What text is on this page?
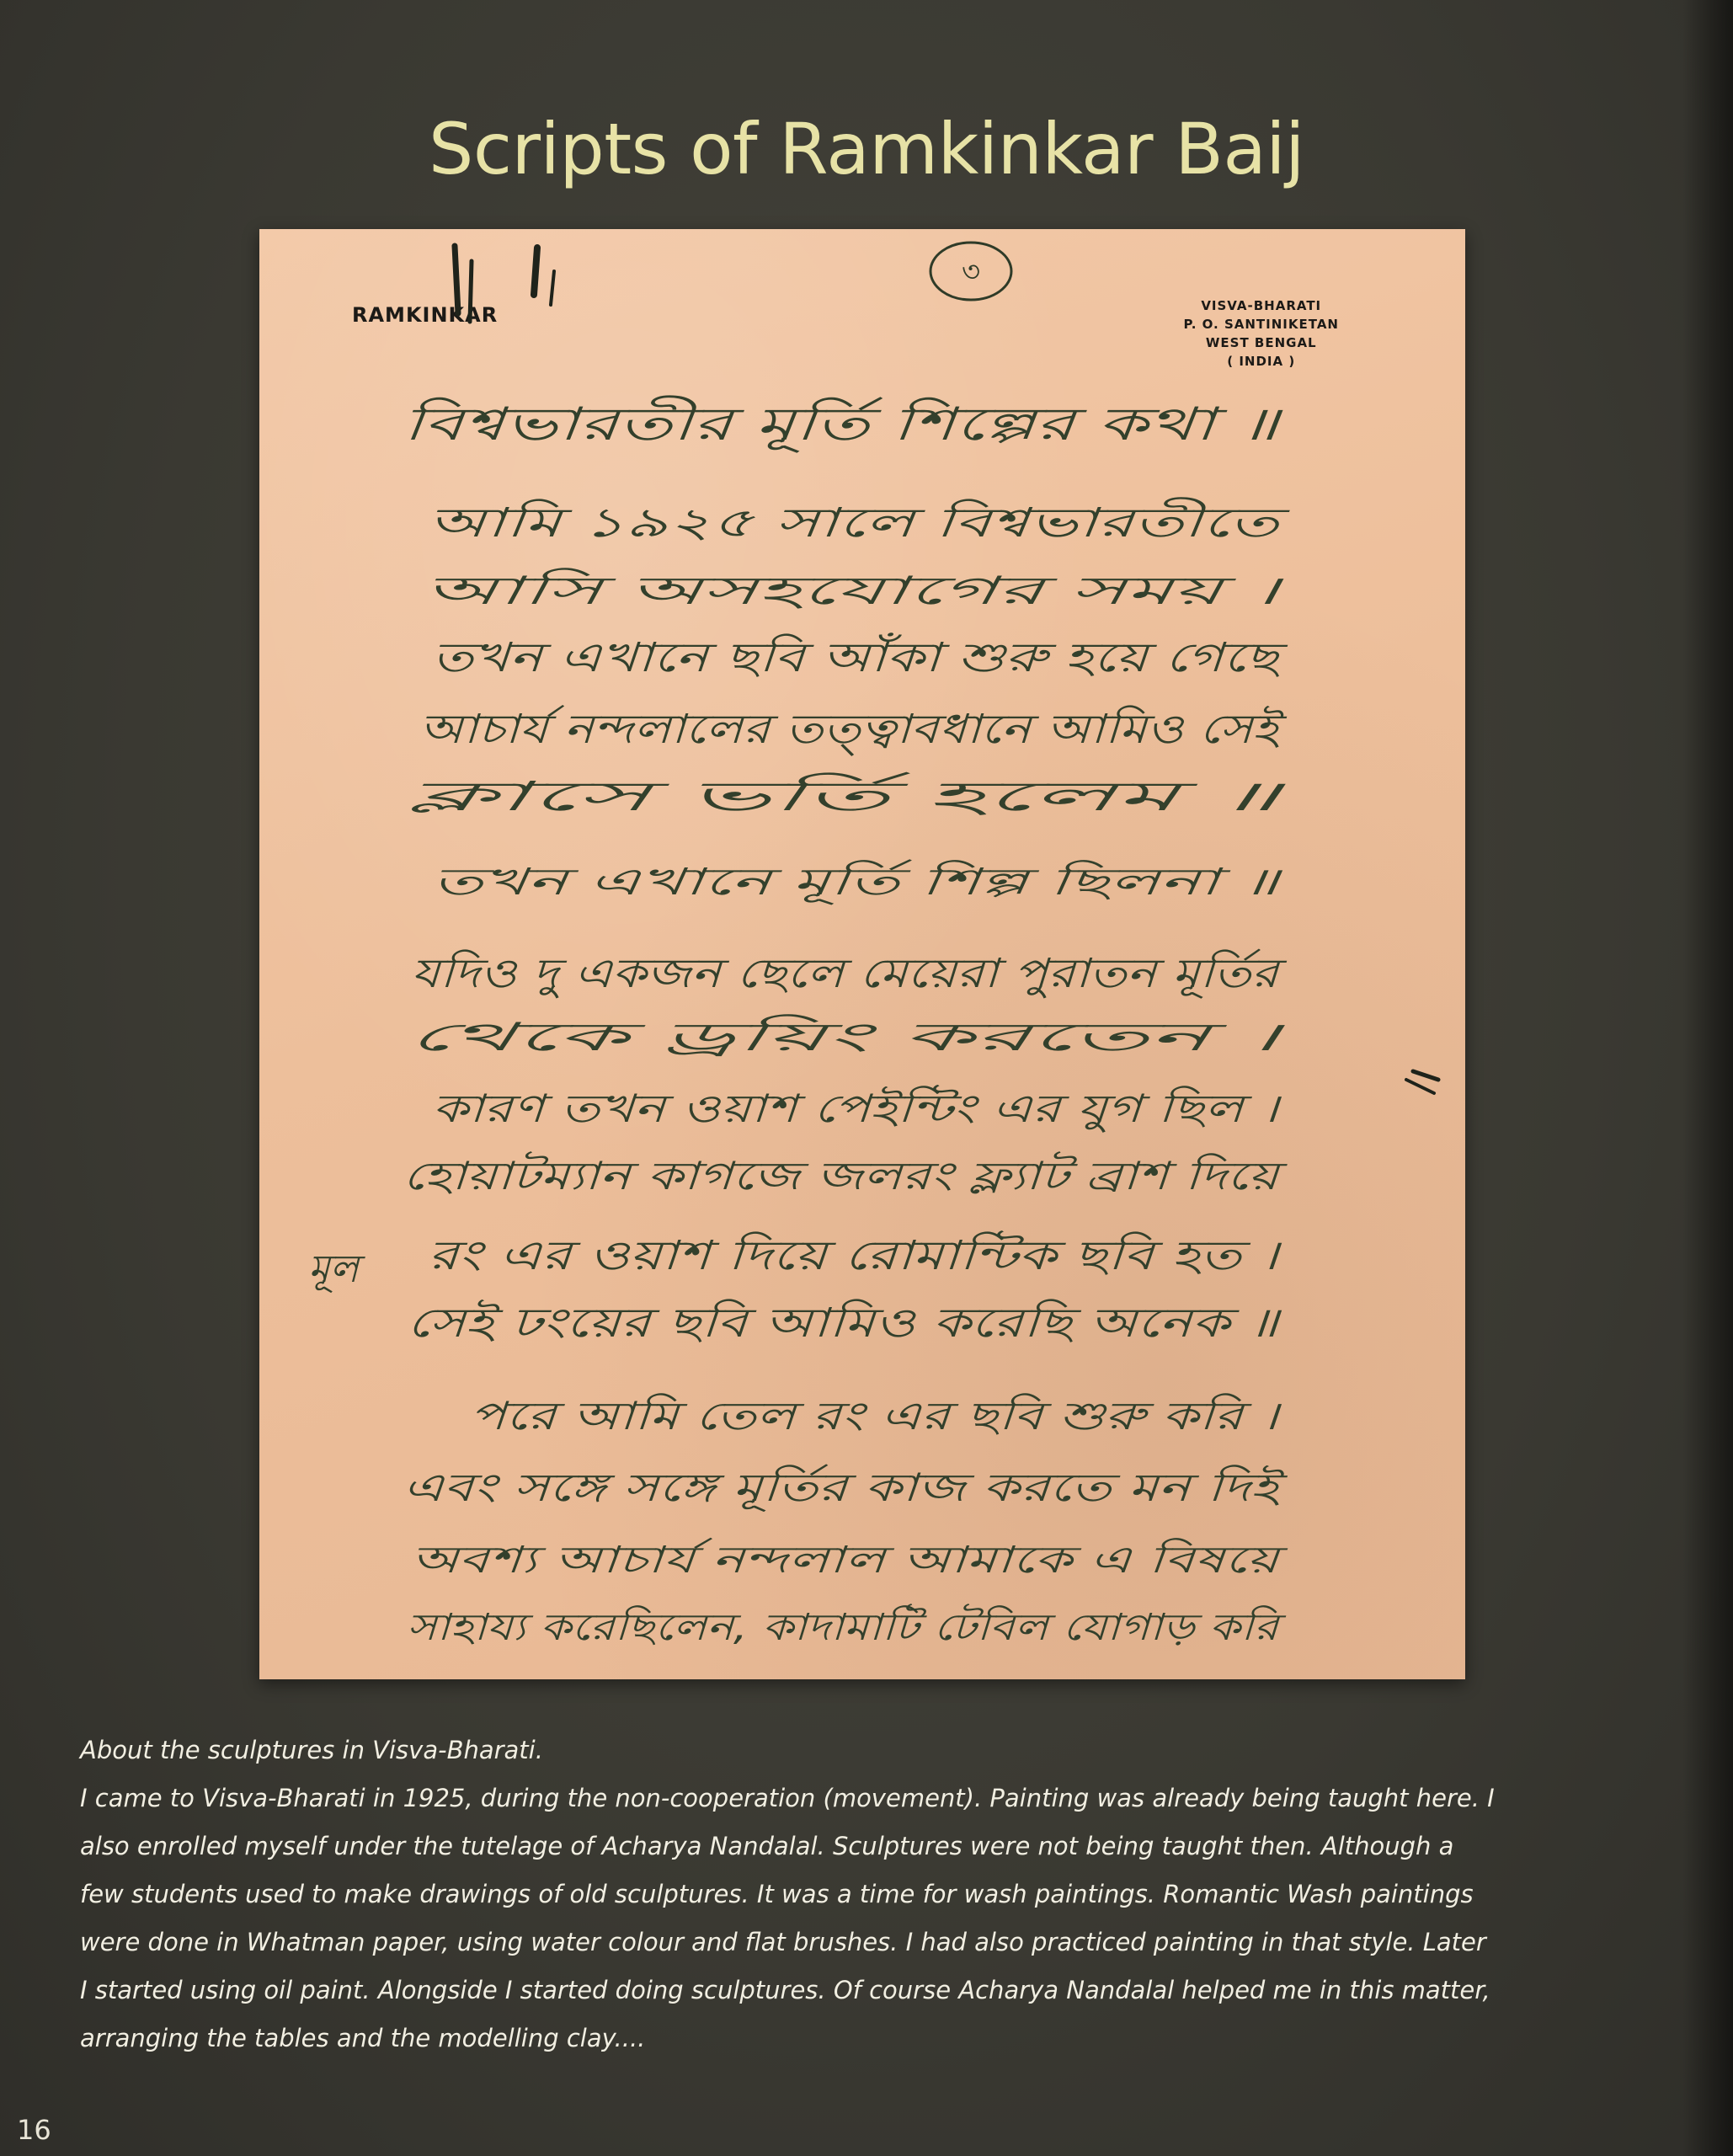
Scripts of Ramkinkar Baij
RAMKINKAR	VISVA-BHARATI
P. O. SANTINIKETAN
WEST BENGAL
( INDIA )
৩
মূল
বিশ্বভারতীর মূর্তি শিল্পের কথা ॥
আমি ১৯২৫ সালে বিশ্বভারতীতে
আসি অসহযোগের সময় ।
তখন এখানে ছবি আঁকা শুরু হয়ে গেছে
আচার্য নন্দলালের তত্ত্বাবধানে আমিও সেই
ক্লাসে ভর্তি হলেম ॥
তখন এখানে মূর্তি শিল্প ছিলনা ॥
যদিও দু একজন ছেলে মেয়েরা পুরাতন মূর্তির
থেকে ড্রয়িং করতেন ।
কারণ তখন ওয়াশ পেইন্টিং এর যুগ ছিল ।
হোয়াটম্যান কাগজে জলরং ফ্ল্যাট ব্রাশ দিয়ে
রং এর ওয়াশ দিয়ে রোমান্টিক ছবি হত ।
সেই ঢংয়ের ছবি আমিও করেছি অনেক ॥
পরে আমি তেল রং এর ছবি শুরু করি ।
এবং সঙ্গে সঙ্গে মূর্তির কাজ করতে মন দিই
অবশ্য আচার্য নন্দলাল আমাকে এ বিষয়ে
সাহায্য করেছিলেন, কাদামাটি টেবিল যোগাড় করি

About the sculptures in Visva-Bharati.

I came to Visva-Bharati in 1925, during the non-cooperation (movement). Painting was already being taught here. I

also enrolled myself under the tutelage of Acharya Nandalal. Sculptures were not being taught then. Although a

few students used to make drawings of old sculptures. It was a time for wash paintings. Romantic Wash paintings

were done in Whatman paper, using water colour and flat brushes. I had also practiced painting in that style. Later

I started using oil paint. Alongside I started doing sculptures. Of course Acharya Nandalal helped me in this matter,

arranging the tables and the modelling clay....

16
